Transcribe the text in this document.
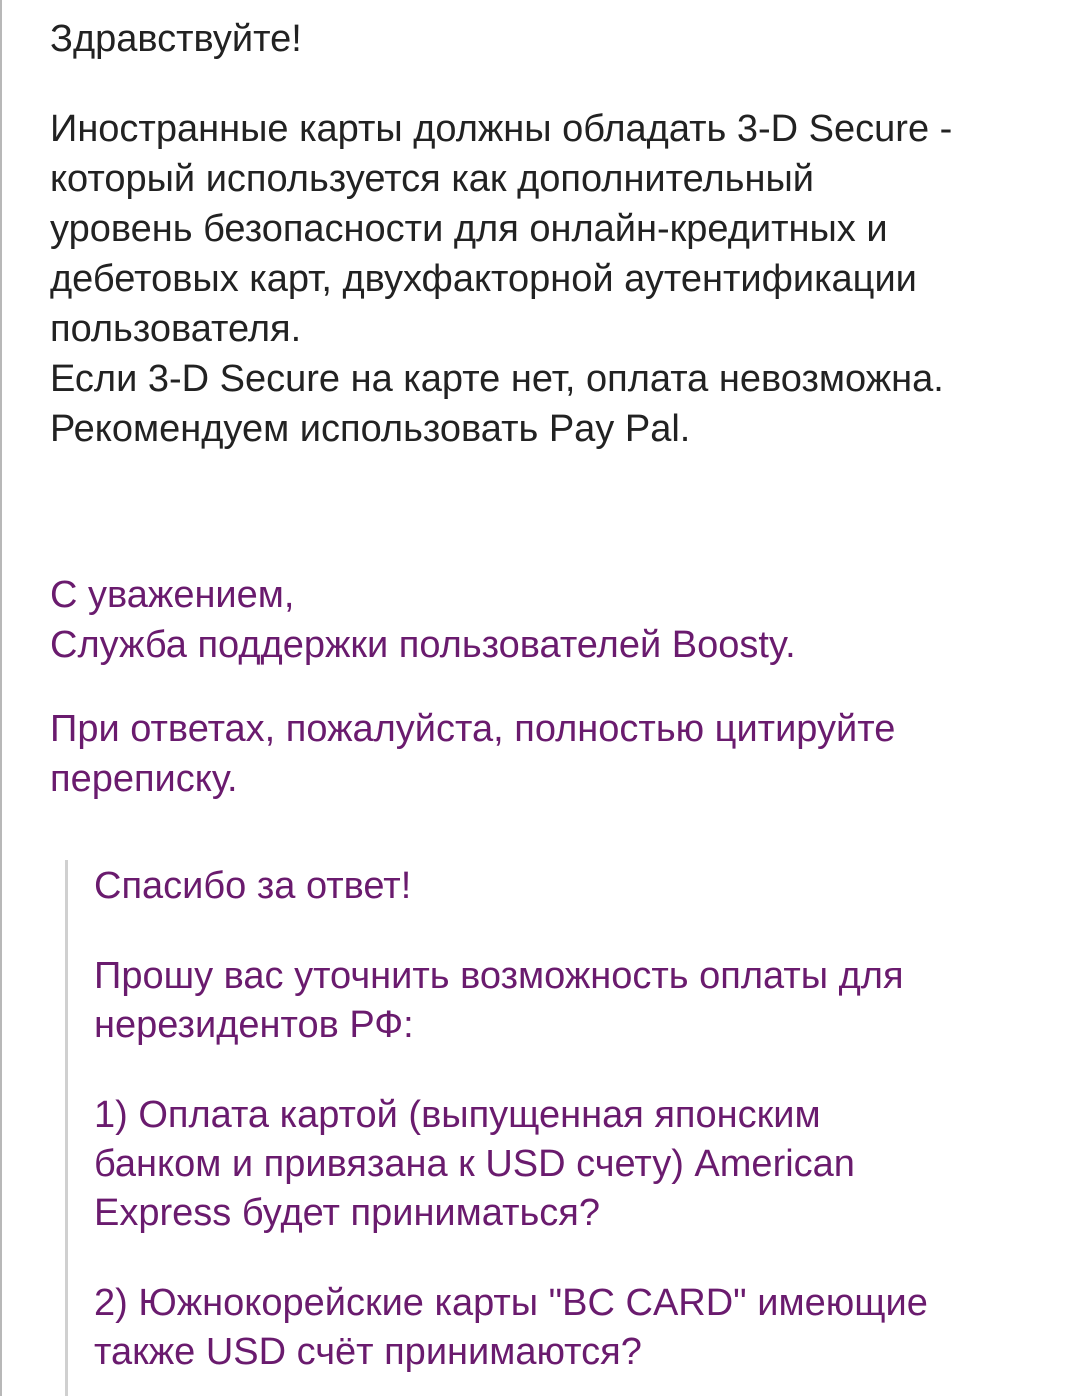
Здравствуйте!

Иностранные карты должны обладать 3-D Secure -

который используется как дополнительный

уровень безопасности для онлайн-кредитных и

дебетовых карт, двухфакторной аутентификации

пользователя.

Если 3-D Secure на карте нет, оплата невозможна.

Рекомендуем использовать Pay Pal.

С уважением,

Служба поддержки пользователей Boosty.

При ответах, пожалуйста, полностью цитируйте

переписку.

Спасибо за ответ!

Прошу вас уточнить возможность оплаты для

нерезидентов РФ:

1) Оплата картой (выпущенная японским

банком и привязана к USD счету) American

Express будет приниматься?

2) Южнокорейские карты "BC CARD" имеющие

также USD счёт принимаются?
